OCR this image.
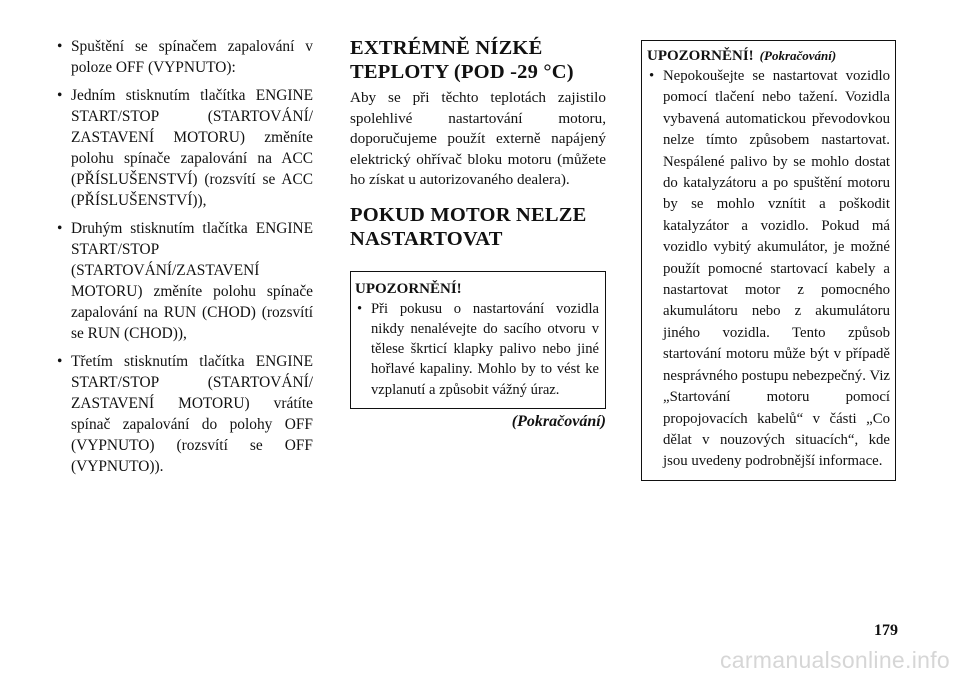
• Spuštění se spínačem zapalování v poloze OFF (VYPNUTO):
• Jedním stisknutím tlačítka ENGINE START/STOP (STARTOVÁNÍ/ ZASTAVENÍ MOTORU) změníte polohu spínače zapalování na ACC (PŘÍSLUŠENSTVÍ) (rozsvítí se ACC (PŘÍSLUŠENSTVÍ)),
• Druhým stisknutím tlačítka ENGINE START/STOP (STARTOVÁNÍ/ZASTAVENÍ MOTORU) změníte polohu spínače zapalování na RUN (CHOD) (rozsvítí se RUN (CHOD)),
• Třetím stisknutím tlačítka ENGINE START/STOP (STARTOVÁNÍ/ ZASTAVENÍ MOTORU) vrátíte spínač zapalování do polohy OFF (VYPNUTO) (rozsvítí se OFF (VYPNUTO)).
EXTRÉMNĚ NÍZKÉ TEPLOTY (POD -29 °C)

Aby se při těchto teplotách zajistilo spolehlivé nastartování motoru, doporučujeme použít externě napájený elektrický ohřívač bloku motoru (můžete ho získat u autorizovaného dealera).

POKUD MOTOR NELZE NASTARTOVAT
UPOZORNĚNÍ!
• Při pokusu o nastartování vozidla nikdy nenalévejte do sacího otvoru v tělese škrticí klapky palivo nebo jiné hořlavé kapaliny. Mohlo by to vést ke vzplanutí a způsobit vážný úraz.
(Pokračování)
UPOZORNĚNÍ! (Pokračování)
• Nepokoušejte se nastartovat vozidlo pomocí tlačení nebo tažení. Vozidla vybavená automatickou převodovkou nelze tímto způsobem nastartovat. Nespálené palivo by se mohlo dostat do katalyzátoru a po spuštění motoru by se mohlo vznítit a poškodit katalyzátor a vozidlo. Pokud má vozidlo vybitý akumulátor, je možné použít pomocné startovací kabely a nastartovat motor z pomocného akumulátoru nebo z akumulátoru jiného vozidla. Tento způsob startování motoru může být v případě nesprávného postupu nebezpečný. Viz „Startování motoru pomocí propojovacích kabelů“ v části „Co dělat v nouzových situacích“, kde jsou uvedeny podrobnější informace.
179
carmanualsonline.info
